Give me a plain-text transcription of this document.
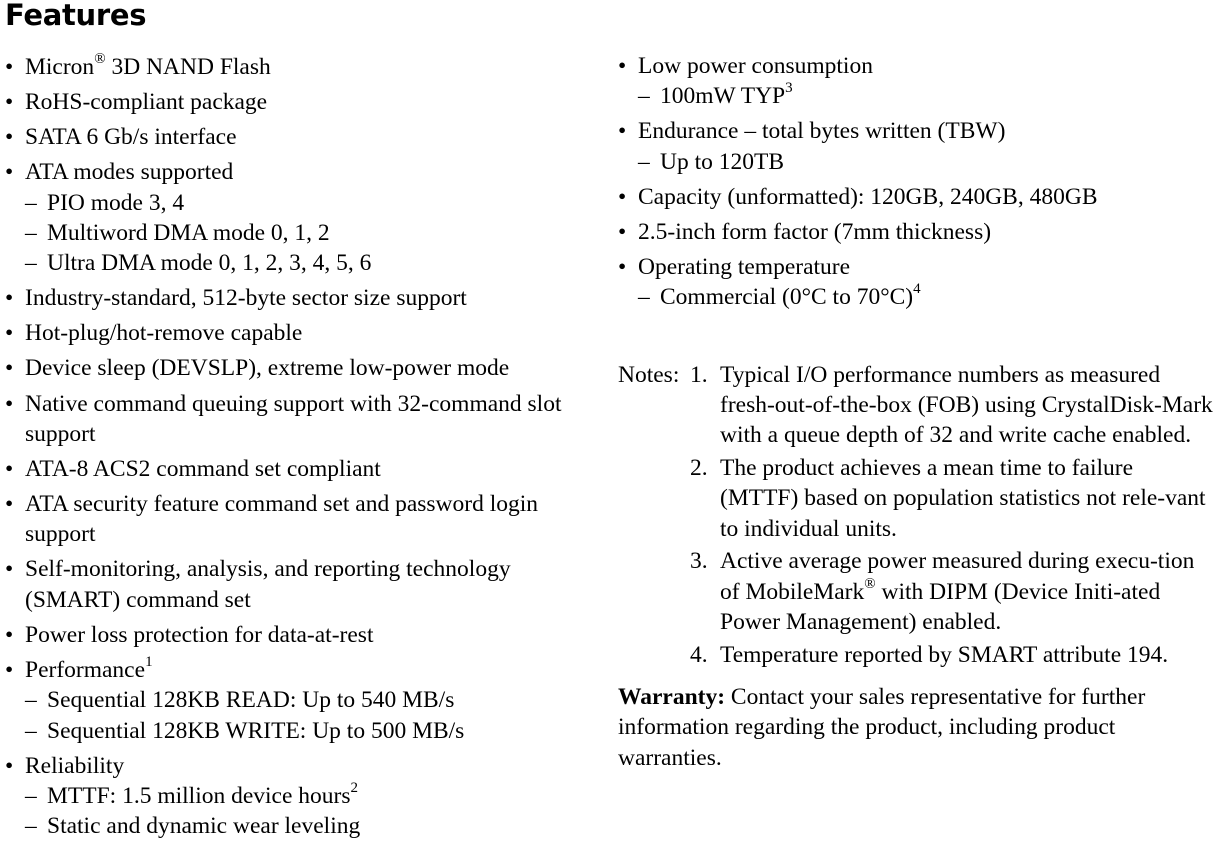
Features
• Micron® 3D NAND Flash
• RoHS-compliant package
• SATA 6 Gb/s interface
• ATA modes supported
– PIO mode 3, 4
– Multiword DMA mode 0, 1, 2
– Ultra DMA mode 0, 1, 2, 3, 4, 5, 6
• Industry-standard, 512-byte sector size support
• Hot-plug/hot-remove capable
• Device sleep (DEVSLP), extreme low-power mode
• Native command queuing support with 32-command slot support
• ATA-8 ACS2 command set compliant
• ATA security feature command set and password login support
• Self-monitoring, analysis, and reporting technology (SMART) command set
• Power loss protection for data-at-rest
• Performance$^1$
– Sequential 128KB READ: Up to 540 MB/s
– Sequential 128KB WRITE: Up to 500 MB/s
• Reliability
– MTTF: 1.5 million device hours$^2$
– Static and dynamic wear leveling
• Low power consumption
– 100mW TYP$^3$
• Endurance – total bytes written (TBW)
– Up to 120TB
• Capacity (unformatted): 120GB, 240GB, 480GB
• 2.5-inch form factor (7mm thickness)
• Operating temperature
– Commercial (0°C to 70°C)$^4$
Notes: 1. Typical I/O performance numbers as measured fresh-out-of-the-box (FOB) using CrystalDisk-Mark with a queue depth of 32 and write cache enabled.
2. The product achieves a mean time to failure (MTTF) based on population statistics not rele-vant to individual units.
3. Active average power measured during execu-tion of MobileMark® with DIPM (Device Initi-ated Power Management) enabled.
4. Temperature reported by SMART attribute 194.
Warranty: Contact your sales representative for further information regarding the product, including product warranties.
